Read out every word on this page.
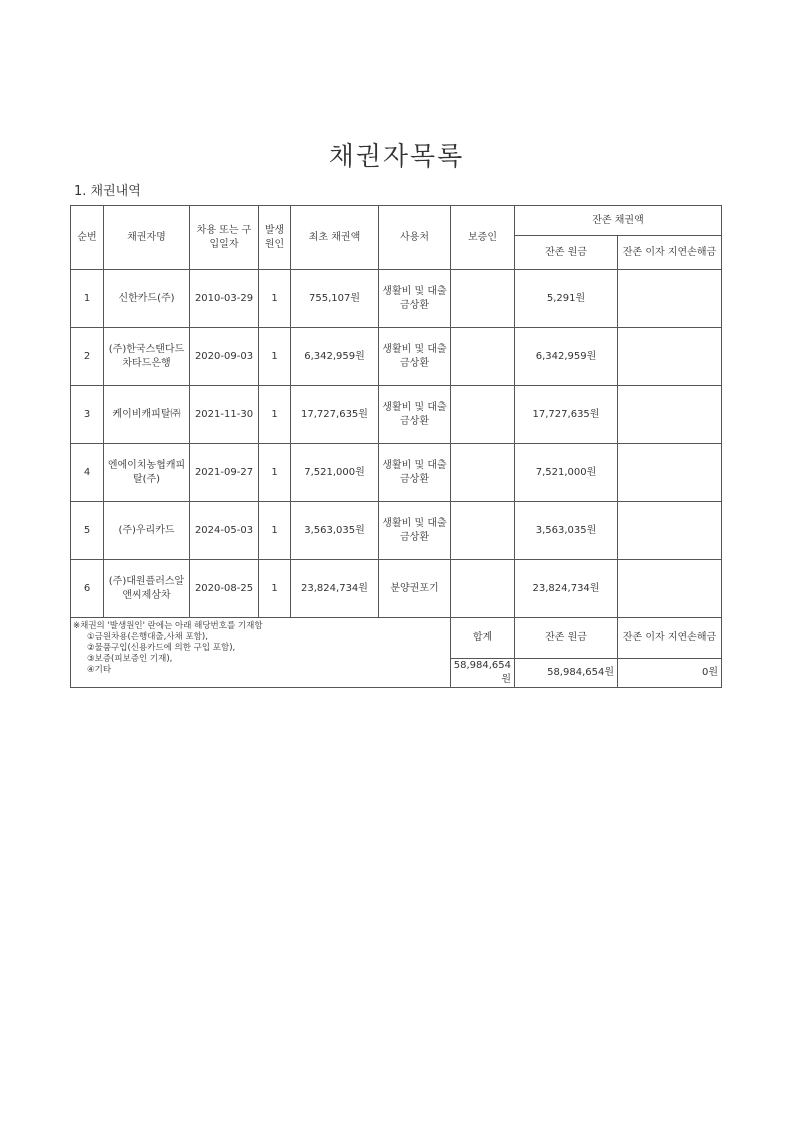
채권자목록
1. 채권내역
순번	채권자명	차용 또는 구입일자	발생 원인	최초 채권액	사용처	보증인	잔존 채권액	
							잔존 원금	잔존 이자 지연손해금
1	신한카드(주)	2010-03-29	1	755,107원	생활비 및 대출금상환		5,291원	
2	(주)한국스탠다드차타드은행	2020-09-03	1	6,342,959원	생활비 및 대출금상환		6,342,959원	
3	케이비캐피탈㈜	2021-11-30	1	17,727,635원	생활비 및 대출금상환		17,727,635원	
4	엔에이치농협캐피탈(주)	2021-09-27	1	7,521,000원	생활비 및 대출금상환		7,521,000원	
5	(주)우리카드	2024-05-03	1	3,563,035원	생활비 및 대출금상환		3,563,035원	
6	(주)대원플러스알앤씨제삼차	2020-08-25	1	23,824,734원	분양권포기		23,824,734원	

※채권의 '발생원인' 란에는 아래 해당번호를 기재함
①금원차용(은행대출,사채 포함),
②물품구입(신용카드에 의한 구입 포함),
③보증(피보증인 기재),
④기타						합계	잔존 원금	잔존 이자 지연손해금
						58,984,654원	58,984,654원	0원
